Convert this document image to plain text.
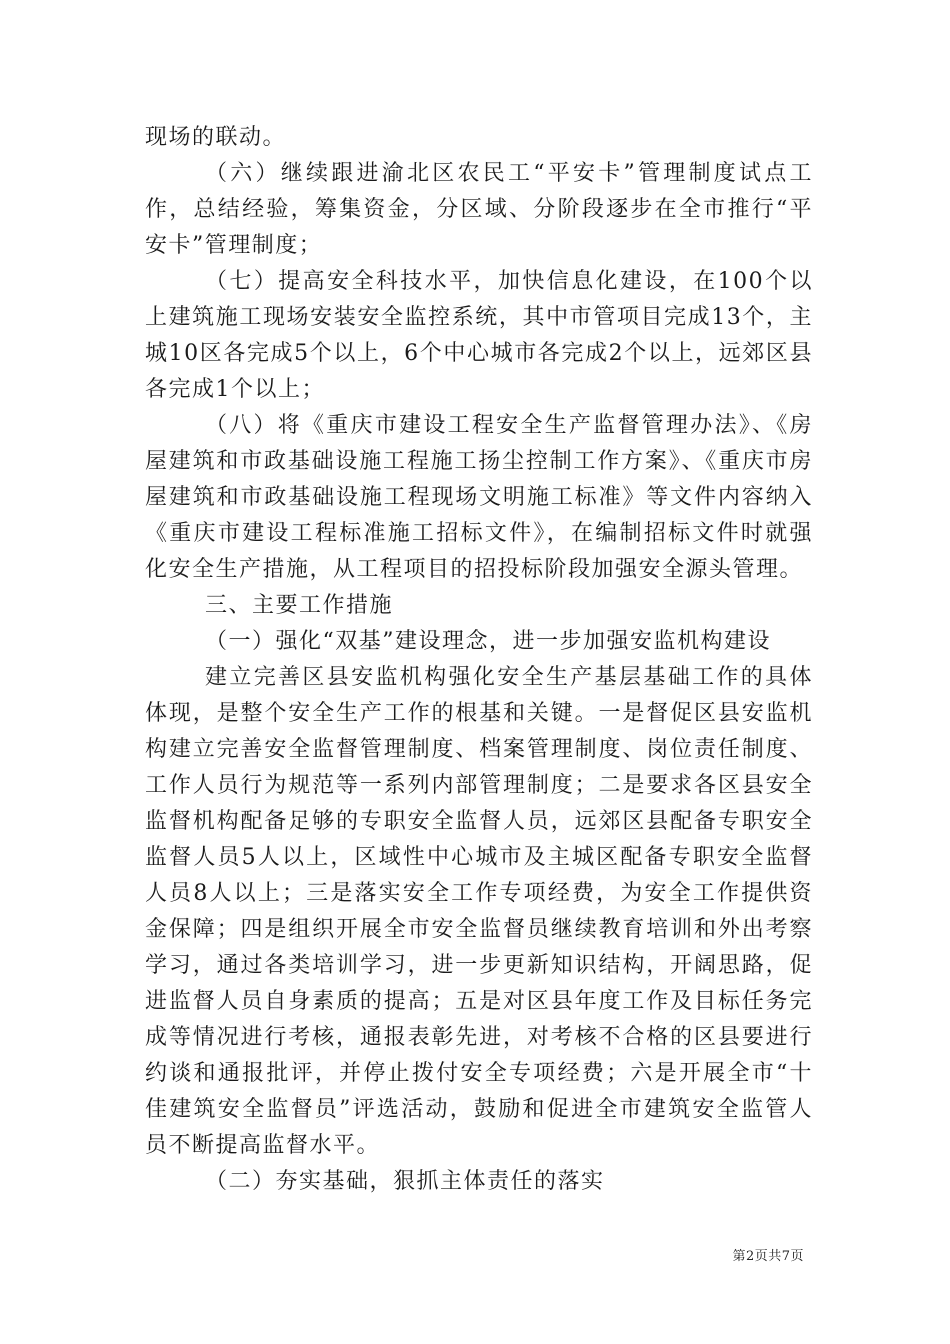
现场的联动。

（六）继续跟进渝北区农民工“平安卡”管理制度试点工作，总结经验，筹集资金，分区域、分阶段逐步在全市推行“平安卡”管理制度；

（七）提高安全科技水平，加快信息化建设，在100个以上建筑施工现场安装安全监控系统，其中市管项目完成13个，主城10区各完成5个以上，6个中心城市各完成2个以上，远郊区县各完成1个以上；

（八）将《重庆市建设工程安全生产监督管理办法》、《房屋建筑和市政基础设施工程施工扬尘控制工作方案》、《重庆市房屋建筑和市政基础设施工程现场文明施工标准》等文件内容纳入《重庆市建设工程标准施工招标文件》，在编制招标文件时就强化安全生产措施，从工程项目的招投标阶段加强安全源头管理。

三、主要工作措施

（一）强化“双基”建设理念，进一步加强安监机构建设

建立完善区县安监机构强化安全生产基层基础工作的具体体现，是整个安全生产工作的根基和关键。一是督促区县安监机构建立完善安全监督管理制度、档案管理制度、岗位责任制度、工作人员行为规范等一系列内部管理制度；二是要求各区县安全监督机构配备足够的专职安全监督人员，远郊区县配备专职安全监督人员5人以上，区域性中心城市及主城区配备专职安全监督人员8人以上；三是落实安全工作专项经费，为安全工作提供资金保障；四是组织开展全市安全监督员继续教育培训和外出考察学习，通过各类培训学习，进一步更新知识结构，开阔思路，促进监督人员自身素质的提高；五是对区县年度工作及目标任务完成等情况进行考核，通报表彰先进，对考核不合格的区县要进行约谈和通报批评，并停止拨付安全专项经费；六是开展全市“十佳建筑安全监督员”评选活动，鼓励和促进全市建筑安全监管人员不断提高监督水平。

（二）夯实基础，狠抓主体责任的落实

第2页共7页
